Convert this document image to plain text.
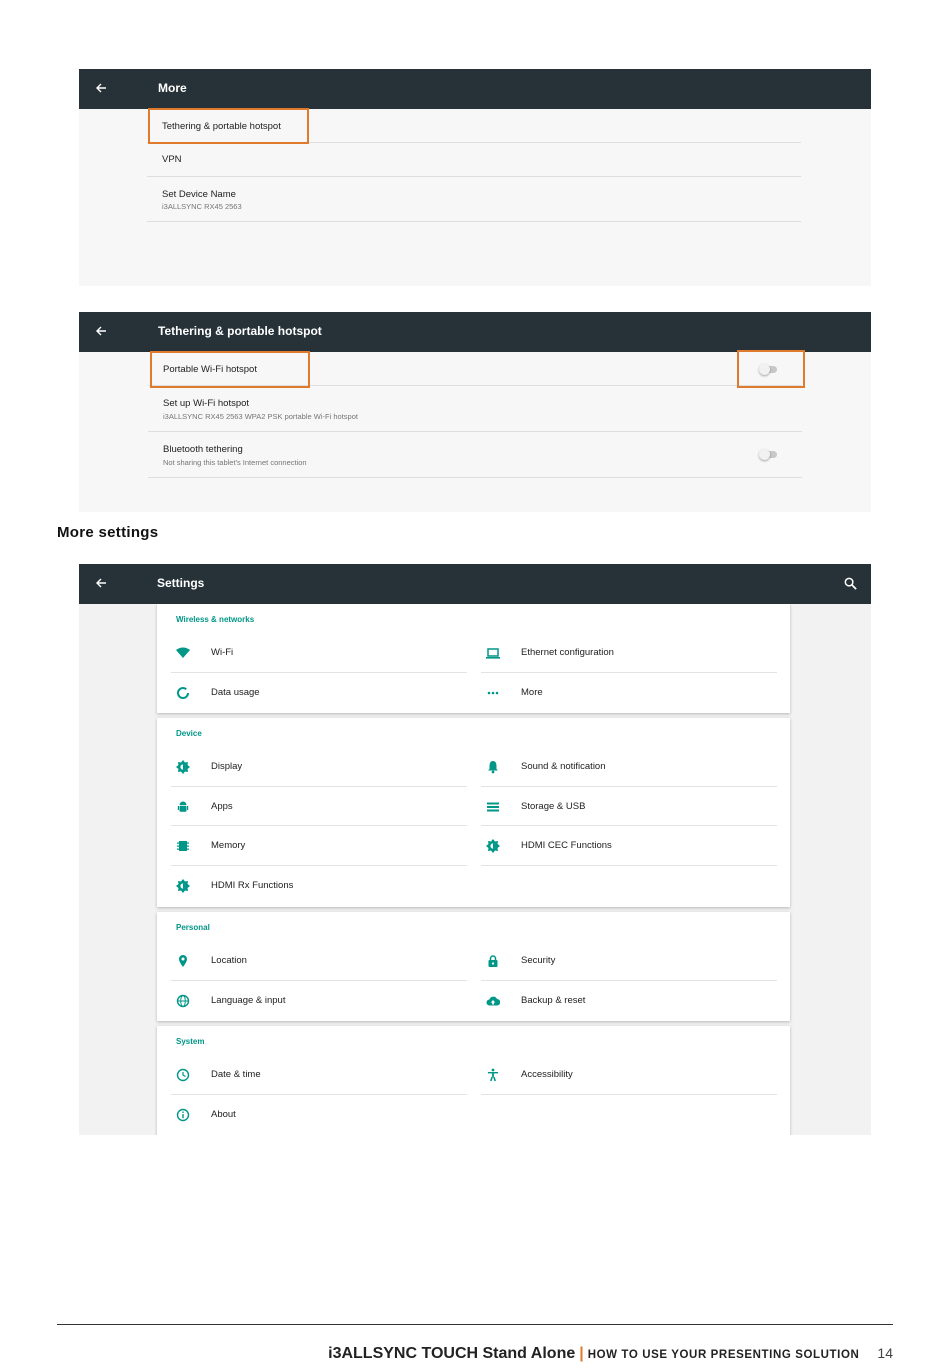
More
Tethering & portable hotspot
VPN
Set Device Name
i3ALLSYNC RX45 2563
Tethering & portable hotspot
Portable Wi-Fi hotspot
Set up Wi-Fi hotspot
i3ALLSYNC RX45 2563 WPA2 PSK portable Wi-Fi hotspot
Bluetooth tethering
Not sharing this tablet's Internet connection
More settings
Wireless & networks
Wi-Fi	Ethernet configuration
Data usage	More
Device
Display	Sound & notification
Apps	Storage & USB
Memory	HDMI CEC Functions
HDMI Rx Functions
Personal
Location	Security
Language & input	Backup & reset
System
Date & time	Accessibility
About
Settings
i3ALLSYNC TOUCH Stand Alone | HOW TO USE YOUR PRESENTING SOLUTION 14
